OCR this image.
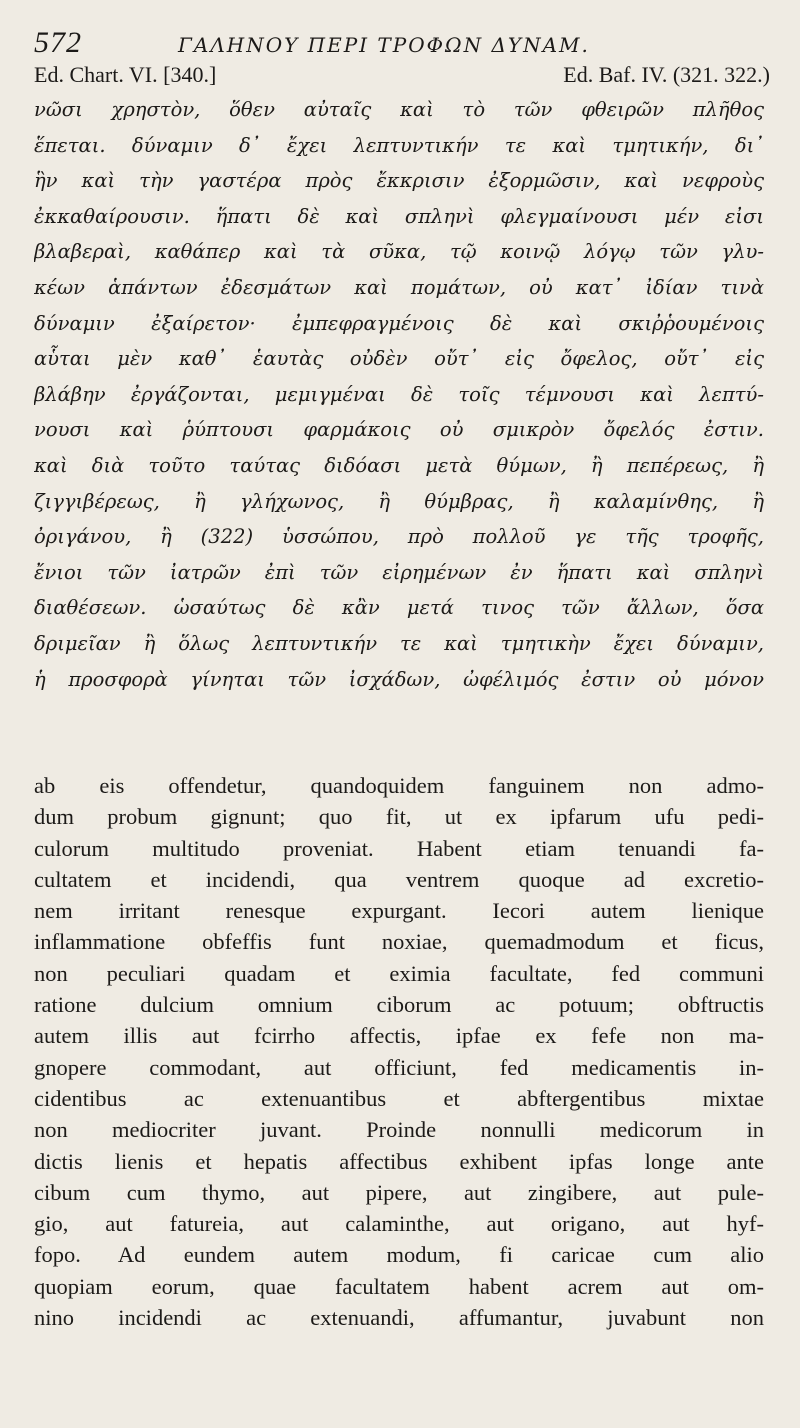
572	ΓΑΛΗΝΟΥ ΠΕΡΙ ΤΡΟΦΩΝ ΔΥΝΑΜ.
Ed. Chart. VI. [340.]	Ed. Baf. IV. (321. 322.)
νῶσι χρηστὸν, ὅθεν αὐταῖς καὶ τὸ τῶν φθειρῶν πλῆθος
ἕπεται. δύναμιν δ᾽ ἔχει λεπτυντικήν τε καὶ τμητικήν, δι᾽
ἣν καὶ τὴν γαστέρα πρὸς ἔκκρισιν ἐξορμῶσιν, καὶ νεφροὺς
ἐκκαθαίρουσιν. ἥπατι δὲ καὶ σπληνὶ φλεγμαίνουσι μέν εἰσι
βλαβεραὶ, καθάπερ καὶ τὰ σῦκα, τῷ κοινῷ λόγῳ τῶν γλυ-
κέων ἁπάντων ἐδεσμάτων καὶ πομάτων, οὐ κατ᾽ ἰδίαν τινὰ
δύναμιν ἐξαίρετον· ἐμπεφραγμένοις δὲ καὶ σκιῤῥουμένοις
αὗται μὲν καθ᾽ ἑαυτὰς οὐδὲν οὔτ᾽ εἰς ὄφελος, οὔτ᾽ εἰς
βλάβην ἐργάζονται, μεμιγμέναι δὲ τοῖς τέμνουσι καὶ λεπτύ-
νουσι καὶ ῥύπτουσι φαρμάκοις οὐ σμικρὸν ὄφελός ἐστιν.
καὶ διὰ τοῦτο ταύτας διδόασι μετὰ θύμων, ἢ πεπέρεως, ἢ
ζιγγιβέρεως, ἢ γλήχωνος, ἢ θύμβρας, ἢ καλαμίνθης, ἢ
ὀριγάνου, ἢ (322) ὑσσώπου, πρὸ πολλοῦ γε τῆς τροφῆς,
ἔνιοι τῶν ἰατρῶν ἐπὶ τῶν εἰρημένων ἐν ἥπατι καὶ σπληνὶ
διαθέσεων. ὡσαύτως δὲ κἂν μετά τινος τῶν ἄλλων, ὅσα
δριμεῖαν ἢ ὅλως λεπτυντικήν τε καὶ τμητικὴν ἔχει δύναμιν,
ἡ προσφορὰ γίνηται τῶν ἰσχάδων, ὠφέλιμός ἐστιν οὐ μόνον
ab eis offendetur, quandoquidem fanguinem non admo-
dum probum gignunt; quo fit, ut ex ipfarum ufu pedi-
culorum multitudo proveniat. Habent etiam tenuandi fa-
cultatem et incidendi, qua ventrem quoque ad excretio-
nem irritant renesque expurgant. Iecori autem lienique
inflammatione obfeffis funt noxiae, quemadmodum et ficus,
non peculiari quadam et eximia facultate, fed communi
ratione dulcium omnium ciborum ac potuum; obftructis
autem illis aut fcirrho affectis, ipfae ex fefe non ma-
gnopere commodant, aut officiunt, fed medicamentis in-
cidentibus ac extenuantibus et abftergentibus mixtae
non mediocriter juvant. Proinde nonnulli medicorum in
dictis lienis et hepatis affectibus exhibent ipfas longe ante
cibum cum thymo, aut pipere, aut zingibere, aut pule-
gio, aut fatureia, aut calaminthe, aut origano, aut hyf-
fopo. Ad eundem autem modum, fi caricae cum alio
quopiam eorum, quae facultatem habent acrem aut om-
nino incidendi ac extenuandi, affumantur, juvabunt non
